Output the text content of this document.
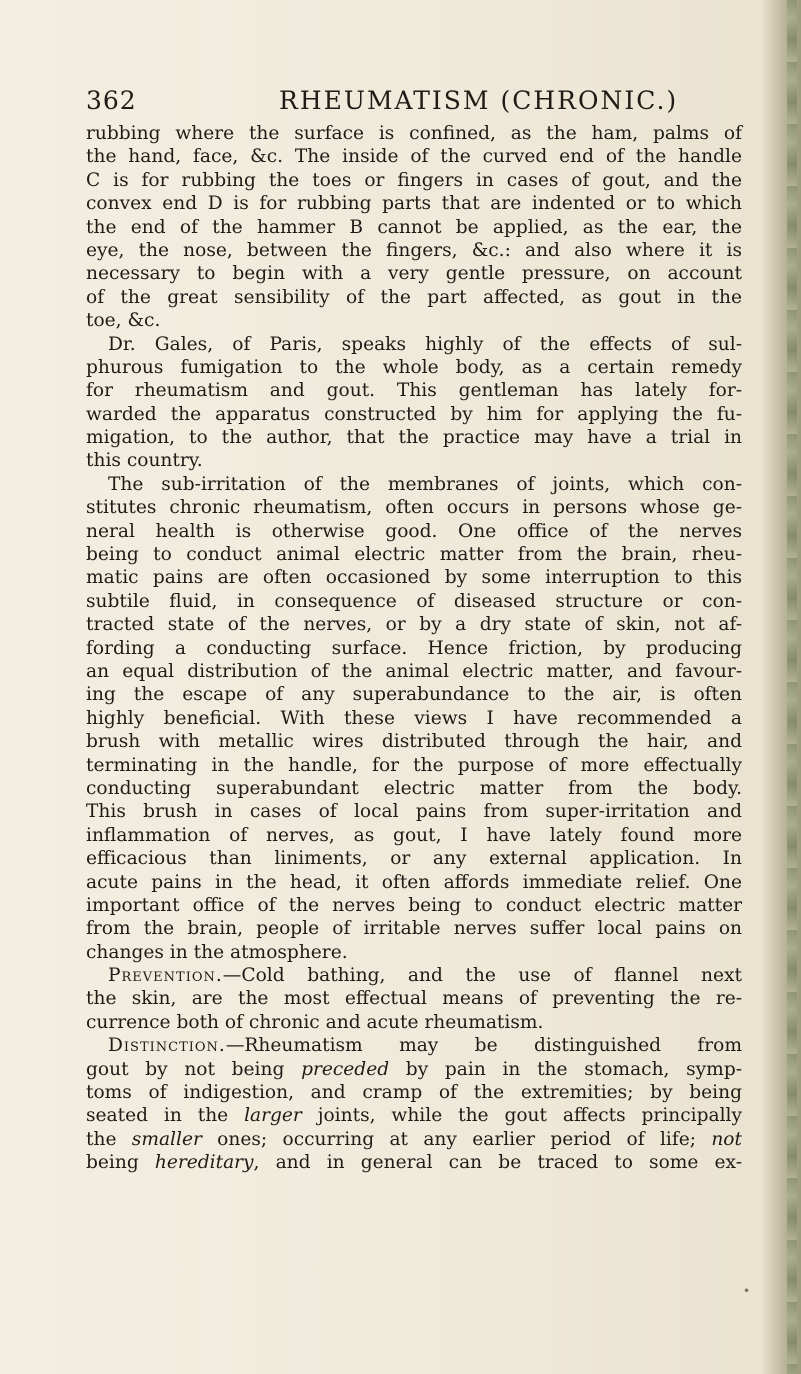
362	RHEUMATISM (CHRONIC.)
rubbing where the surface is confined, as the ham, palms of
the hand, face, &c. The inside of the curved end of the handle
C is for rubbing the toes or fingers in cases of gout, and the
convex end D is for rubbing parts that are indented or to which
the end of the hammer B cannot be applied, as the ear, the
eye, the nose, between the fingers, &c.: and also where it is
necessary to begin with a very gentle pressure, on account
of the great sensibility of the part affected, as gout in the
toe, &c.
Dr. Gales, of Paris, speaks highly of the effects of sul-
phurous fumigation to the whole body, as a certain remedy
for rheumatism and gout. This gentleman has lately for-
warded the apparatus constructed by him for applying the fu-
migation, to the author, that the practice may have a trial in
this country.
The sub-irritation of the membranes of joints, which con-
stitutes chronic rheumatism, often occurs in persons whose ge-
neral health is otherwise good. One office of the nerves
being to conduct animal electric matter from the brain, rheu-
matic pains are often occasioned by some interruption to this
subtile fluid, in consequence of diseased structure or con-
tracted state of the nerves, or by a dry state of skin, not af-
fording a conducting surface. Hence friction, by producing
an equal distribution of the animal electric matter, and favour-
ing the escape of any superabundance to the air, is often
highly beneficial. With these views I have recommended a
brush with metallic wires distributed through the hair, and
terminating in the handle, for the purpose of more effectually
conducting superabundant electric matter from the body.
This brush in cases of local pains from super-irritation and
inflammation of nerves, as gout, I have lately found more
efficacious than liniments, or any external application. In
acute pains in the head, it often affords immediate relief. One
important office of the nerves being to conduct electric matter
from the brain, people of irritable nerves suffer local pains on
changes in the atmosphere.
Prevention.—Cold bathing, and the use of flannel next
the skin, are the most effectual means of preventing the re-
currence both of chronic and acute rheumatism.
Distinction.—Rheumatism may be distinguished from
gout by not being preceded by pain in the stomach, symp-
toms of indigestion, and cramp of the extremities; by being
seated in the larger joints, while the gout affects principally
the smaller ones; occurring at any earlier period of life; not
being hereditary, and in general can be traced to some ex-
•
